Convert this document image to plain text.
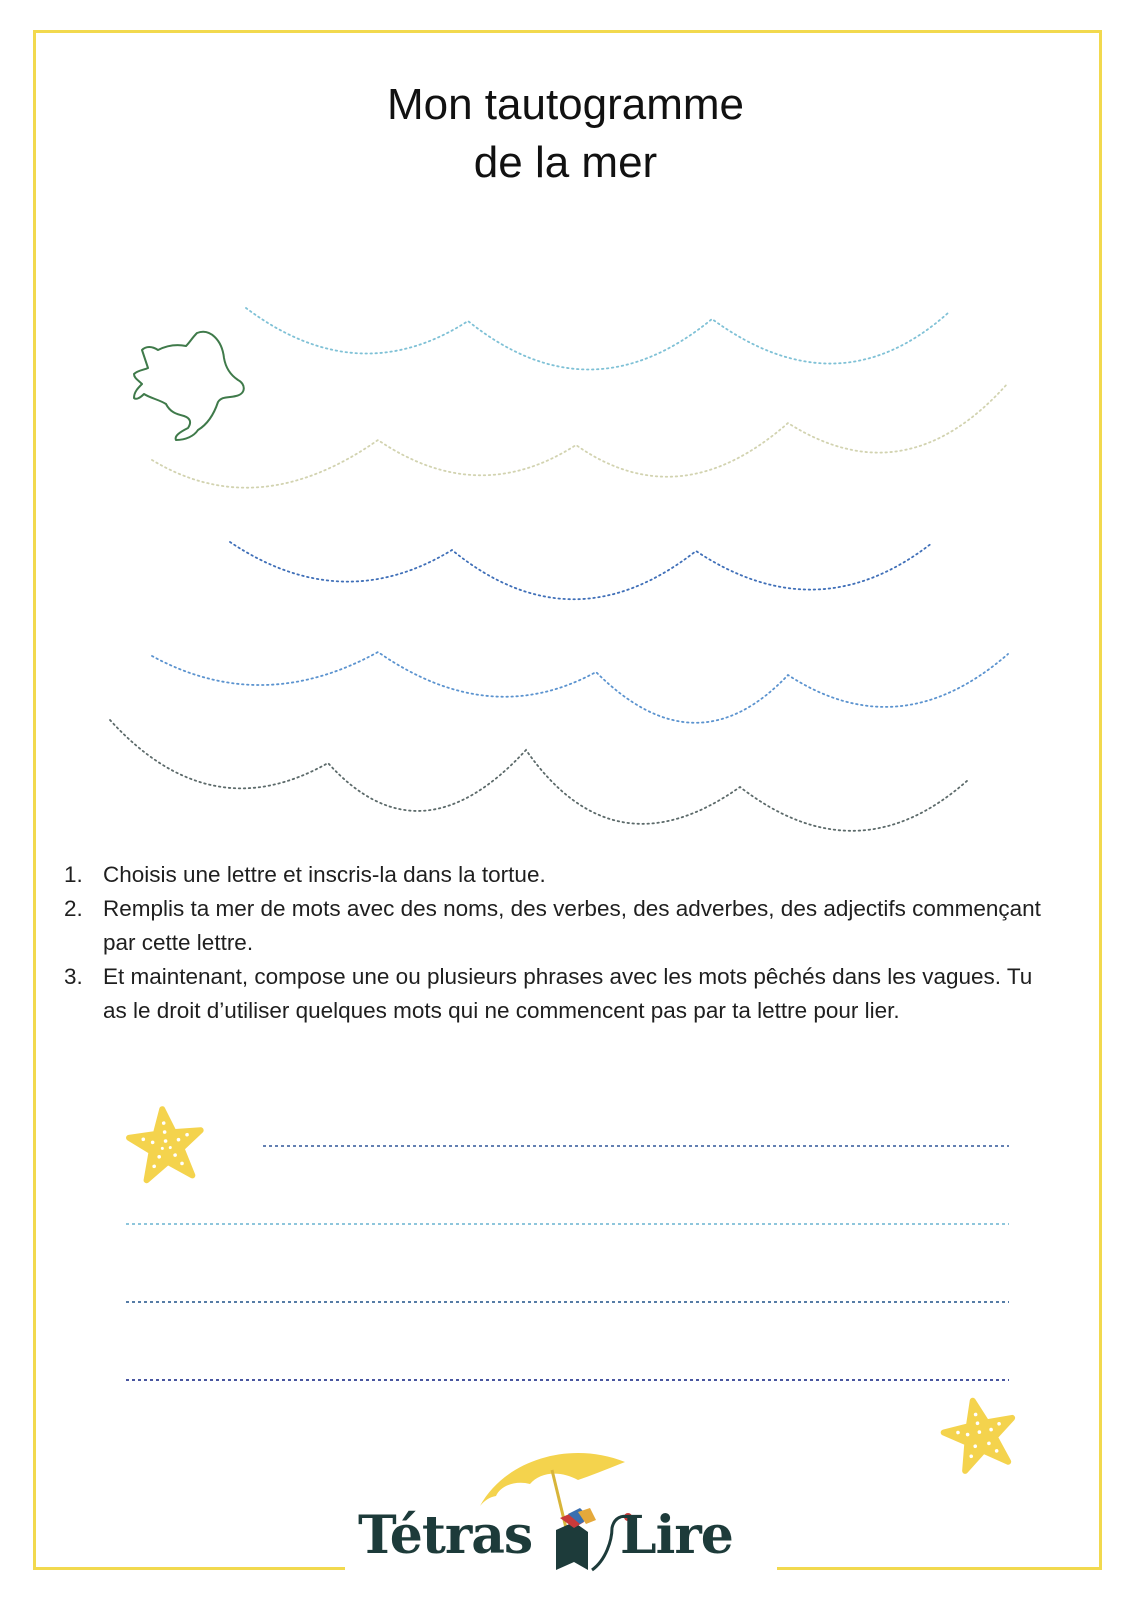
Mon tautogramme
de la mer
1. Choisis une lettre et inscris-la dans la tortue.
2. Remplis ta mer de mots avec des noms, des verbes, des adverbes, des adjectifs commençant par cette lettre.
3. Et maintenant, compose une ou plusieurs phrases avec les mots pêchés dans les vagues. Tu as le droit d’utiliser quelques mots qui ne commencent pas par ta lettre pour lier.
Tétras Lire
